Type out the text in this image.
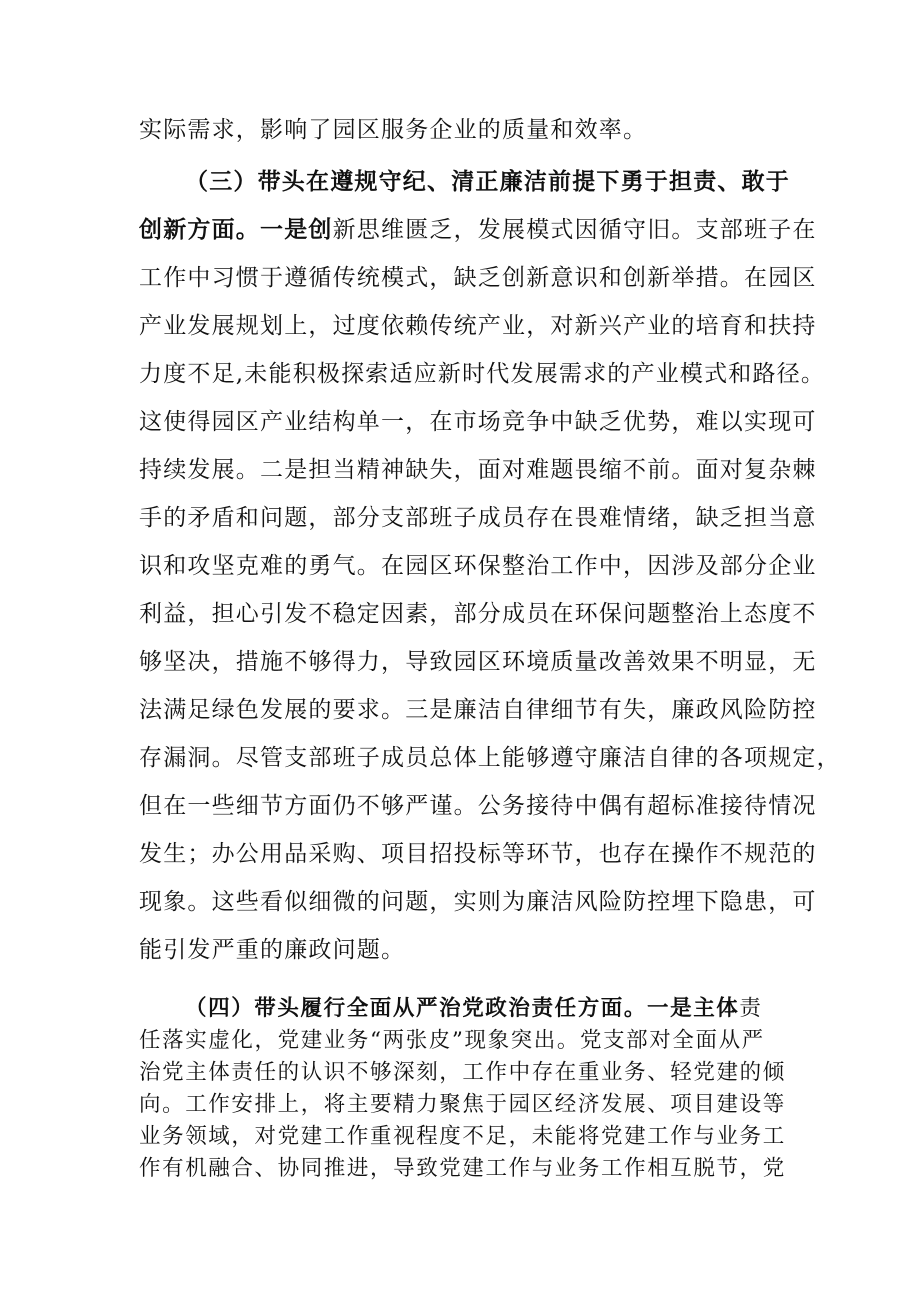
实际需求，影响了园区服务企业的质量和效率。
（三）带头在遵规守纪、清正廉洁前提下勇于担责、敢于
创新方面。一是创新思维匮乏，发展模式因循守旧。支部班子在
工作中习惯于遵循传统模式，缺乏创新意识和创新举措。在园区
产业发展规划上，过度依赖传统产业，对新兴产业的培育和扶持
力度不足,未能积极探索适应新时代发展需求的产业模式和路径。
这使得园区产业结构单一，在市场竞争中缺乏优势，难以实现可
持续发展。二是担当精神缺失，面对难题畏缩不前。面对复杂棘
手的矛盾和问题，部分支部班子成员存在畏难情绪，缺乏担当意
识和攻坚克难的勇气。在园区环保整治工作中，因涉及部分企业
利益，担心引发不稳定因素，部分成员在环保问题整治上态度不
够坚决，措施不够得力，导致园区环境质量改善效果不明显，无
法满足绿色发展的要求。三是廉洁自律细节有失，廉政风险防控
存漏洞。尽管支部班子成员总体上能够遵守廉洁自律的各项规定，
但在一些细节方面仍不够严谨。公务接待中偶有超标准接待情况
发生；办公用品采购、项目招投标等环节，也存在操作不规范的
现象。这些看似细微的问题，实则为廉洁风险防控埋下隐患，可
能引发严重的廉政问题。
（四）带头履行全面从严治党政治责任方面。一是主体责
任落实虚化，党建业务“两张皮”现象突出。党支部对全面从严
治党主体责任的认识不够深刻，工作中存在重业务、轻党建的倾
向。工作安排上，将主要精力聚焦于园区经济发展、项目建设等
业务领域，对党建工作重视程度不足，未能将党建工作与业务工
作有机融合、协同推进，导致党建工作与业务工作相互脱节，党
